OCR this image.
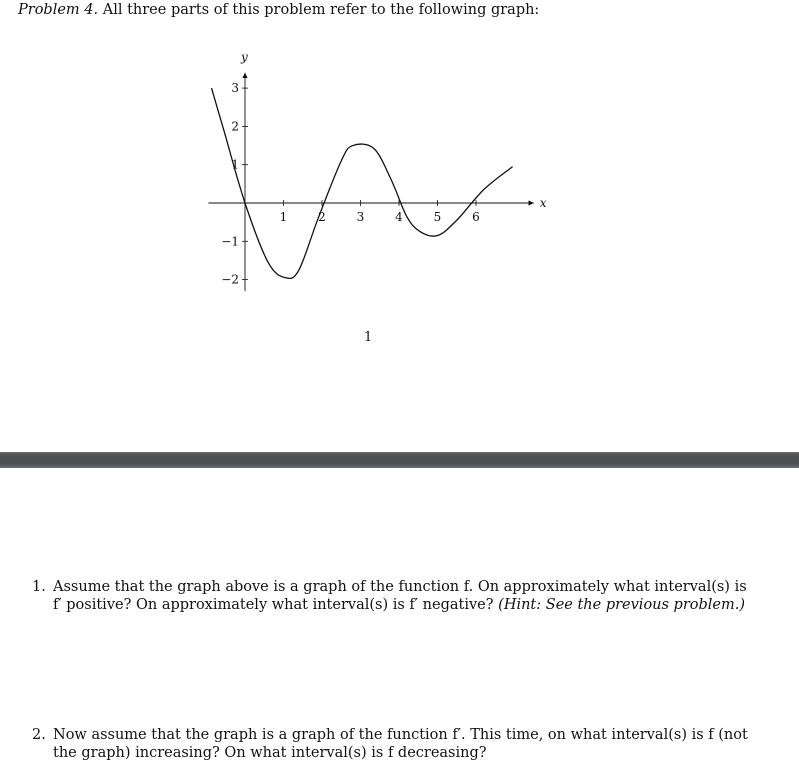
Problem 4. All three parts of this problem refer to the following graph:
x
y
1	2	3	4	5	6
3
2
1
−1
−2
1
1. Assume that the graph above is a graph of the function f. On approximately what interval(s) is f′ positive? On approximately what interval(s) is f′ negative? (Hint: See the previous problem.)
2. Now assume that the graph is a graph of the function f′. This time, on what interval(s) is f (not the graph) increasing? On what interval(s) is f decreasing?
